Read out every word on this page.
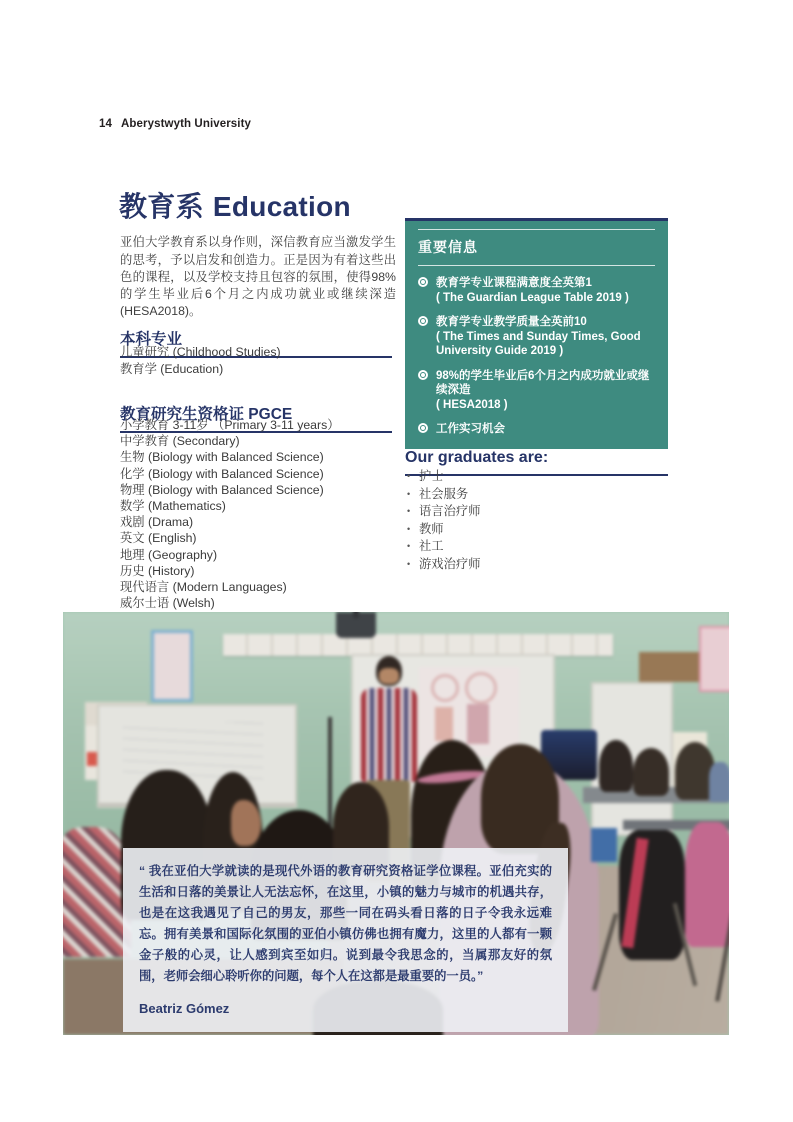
14 Aberystwyth University
教育系 Education

亚伯大学教育系以身作则，深信教育应当激发学生的思考，予以启发和创造力。正是因为有着这些出色的课程，以及学校支持且包容的氛围，使得98%的学生毕业后6个月之内成功就业或继续深造 (HESA2018)。

本科专业
儿童研究 (Childhood Studies)
教育学 (Education)
教育研究生资格证 PGCE
小学教育 3-11岁 （Primary 3-11 years）
中学教育 (Secondary)
生物 (Biology with Balanced Science)
化学 (Biology with Balanced Science)
物理 (Biology with Balanced Science)
数学 (Mathematics)
戏剧 (Drama)
英文 (English)
地理 (Geography)
历史 (History)
现代语言 (Modern Languages)
威尔士语 (Welsh)
重要信息
教育学专业课程满意度全英第1
( The Guardian League Table 2019 )
教育学专业教学质量全英前10
( The Times and Sunday Times, Good University Guide 2019 )
98%的学生毕业后6个月之内成功就业或继续深造
( HESA2018 )
工作实习机会
Our graduates are:
• 护士
• 社会服务
• 语言治疗师
• 教师
• 社工
• 游戏治疗师
“ 我在亚伯大学就读的是现代外语的教育研究资格证学位课程。亚伯充实的生活和日落的美景让人无法忘怀，在这里，小镇的魅力与城市的机遇共存，也是在这我遇见了自己的男友，那些一同在码头看日落的日子令我永远难忘。拥有美景和国际化氛围的亚伯小镇仿佛也拥有魔力，这里的人都有一颗金子般的心灵，让人感到宾至如归。说到最令我思念的，当属那友好的氛围，老师会细心聆听你的问题，每个人在这都是最重要的一员。”
Beatriz Gómez
